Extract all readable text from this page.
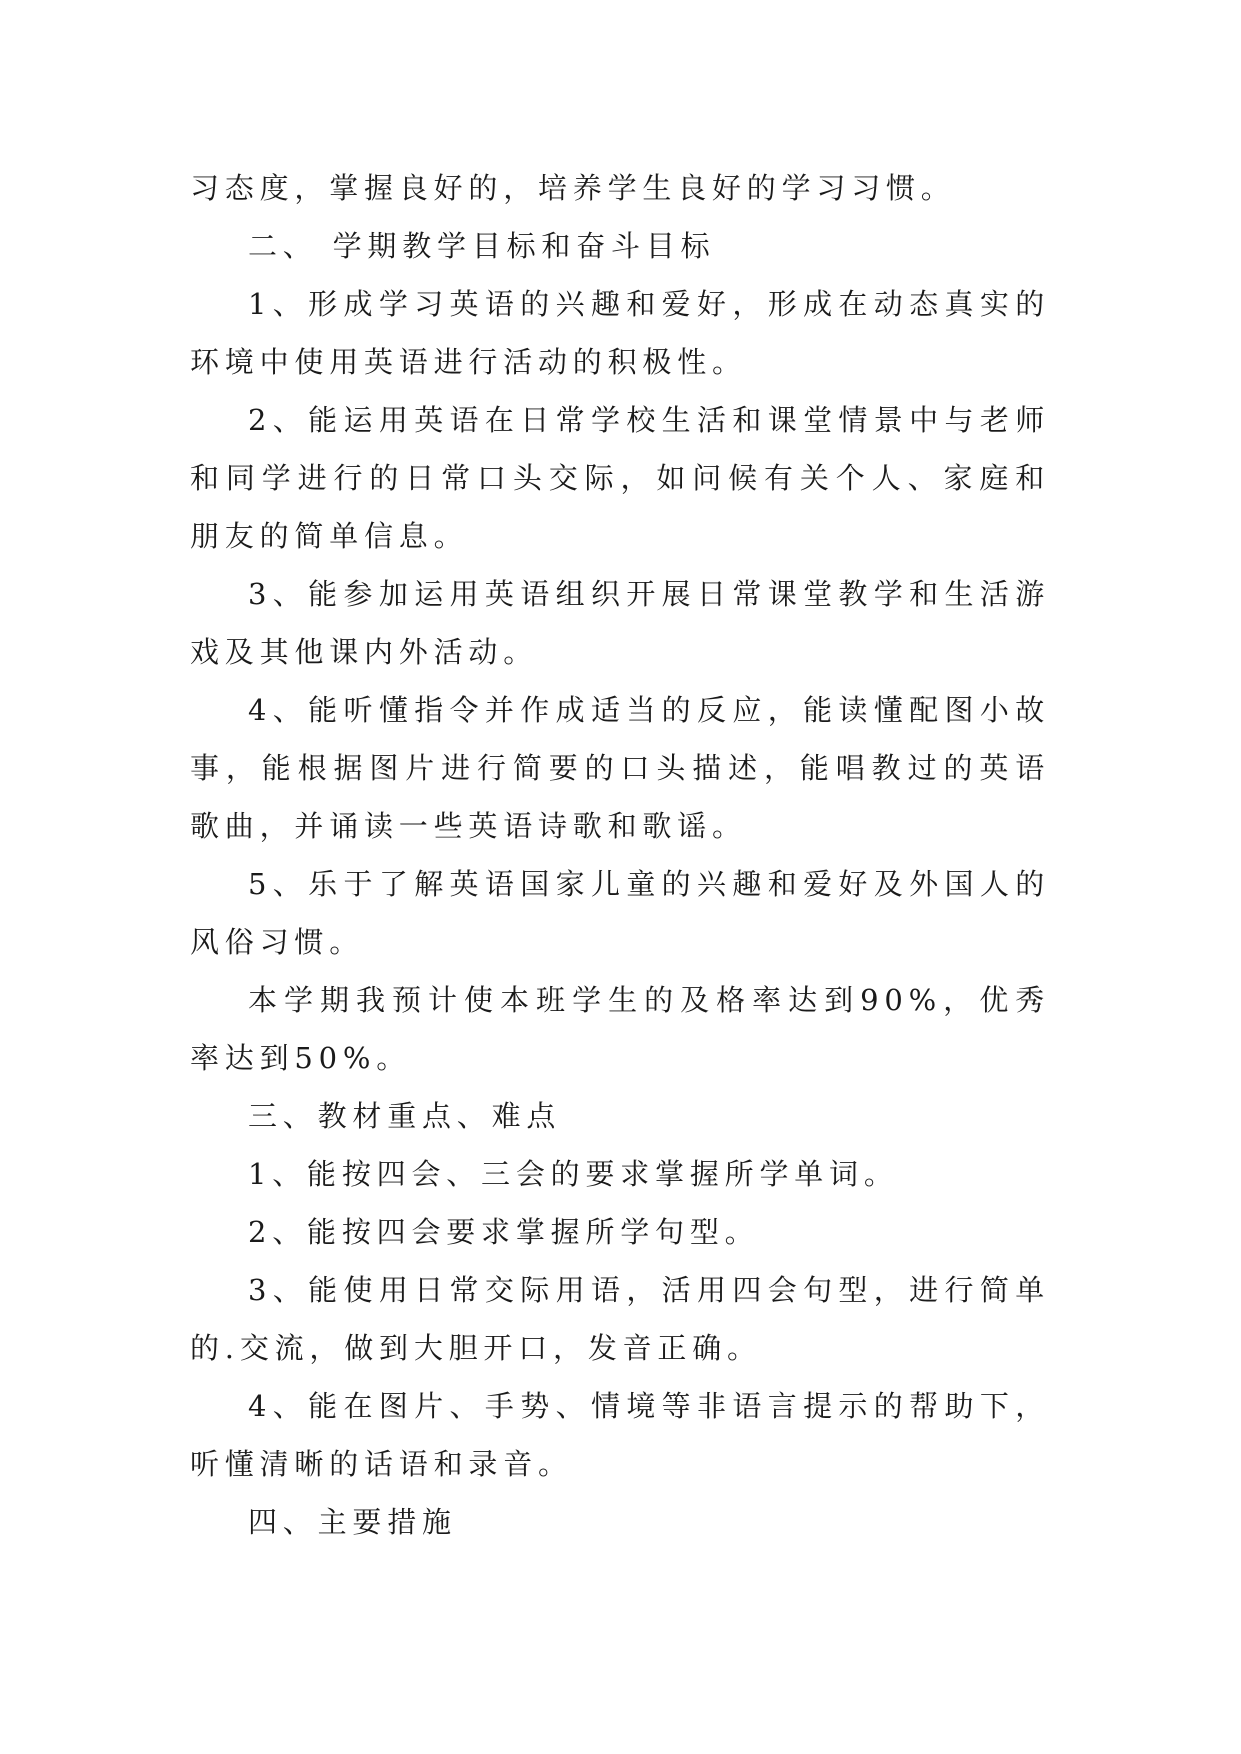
习态度，掌握良好的，培养学生良好的学习习惯。

二、 学期教学目标和奋斗目标

1、形成学习英语的兴趣和爱好，形成在动态真实的环境中使用英语进行活动的积极性。

2、能运用英语在日常学校生活和课堂情景中与老师和同学进行的日常口头交际，如问候有关个人、家庭和朋友的简单信息。

3、能参加运用英语组织开展日常课堂教学和生活游戏及其他课内外活动。

4、能听懂指令并作成适当的反应，能读懂配图小故事，能根据图片进行简要的口头描述，能唱教过的英语歌曲，并诵读一些英语诗歌和歌谣。

5、乐于了解英语国家儿童的兴趣和爱好及外国人的风俗习惯。

本学期我预计使本班学生的及格率达到90%，优秀率达到50%。

三、教材重点、难点

1、能按四会、三会的要求掌握所学单词。

2、能按四会要求掌握所学句型。

3、能使用日常交际用语，活用四会句型，进行简单的.交流，做到大胆开口，发音正确。

4、能在图片、手势、情境等非语言提示的帮助下，听懂清晰的话语和录音。

四、主要措施
